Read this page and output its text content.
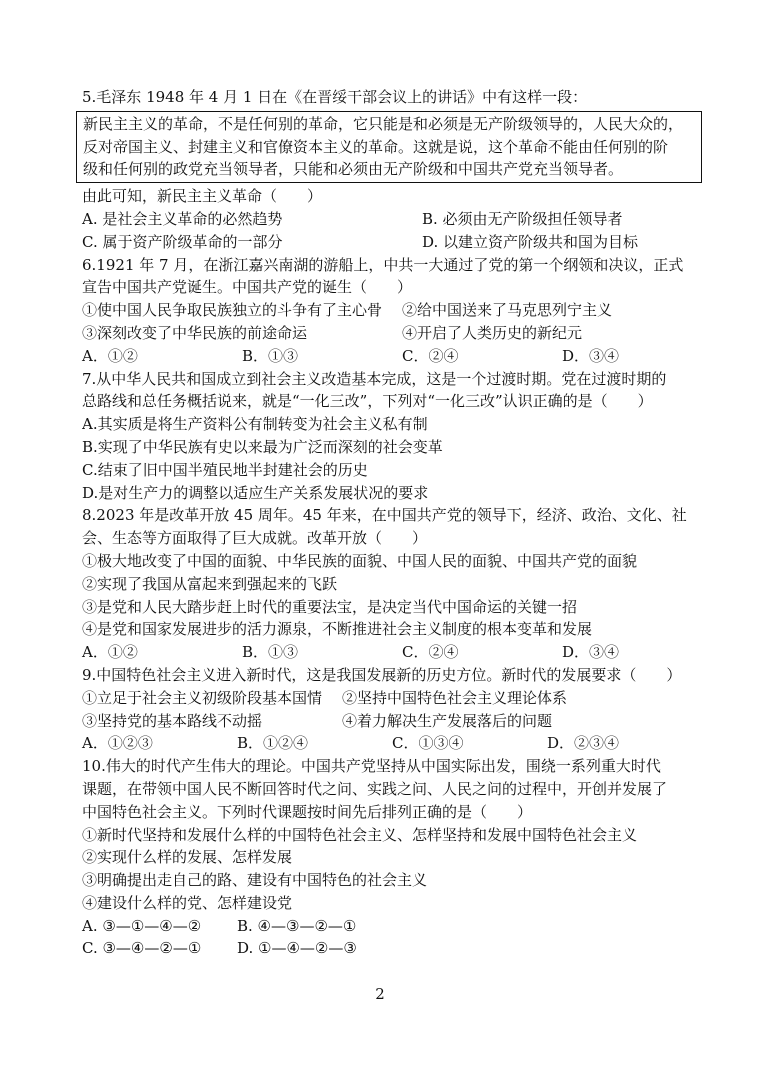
5.毛泽东 1948 年 4 月 1 日在《在晋绥干部会议上的讲话》中有这样一段：
新民主主义的革命，不是任何别的革命，它只能是和必须是无产阶级领导的，人民大众的，
反对帝国主义、封建主义和官僚资本主义的革命。这就是说，这个革命不能由任何别的阶
级和任何别的政党充当领导者，只能和必须由无产阶级和中国共产党充当领导者。
由此可知，新民主主义革命（　　）
A. 是社会主义革命的必然趋势	B. 必须由无产阶级担任领导者
C. 属于资产阶级革命的一部分	D. 以建立资产阶级共和国为目标
6.1921 年 7 月，在浙江嘉兴南湖的游船上，中共一大通过了党的第一个纲领和决议，正式
宣告中国共产党诞生。中国共产党的诞生（　　）
①使中国人民争取民族独立的斗争有了主心骨	②给中国送来了马克思列宁主义
③深刻改变了中华民族的前途命运	④开启了人类历史的新纪元
A．①②	B．①③	C．②④	D．③④
7.从中华人民共和国成立到社会主义改造基本完成，这是一个过渡时期。党在过渡时期的
总路线和总任务概括说来，就是“一化三改”，下列对“一化三改”认识正确的是（　　）
A.其实质是将生产资料公有制转变为社会主义私有制
B.实现了中华民族有史以来最为广泛而深刻的社会变革
C.结束了旧中国半殖民地半封建社会的历史
D.是对生产力的调整以适应生产关系发展状况的要求
8.2023 年是改革开放 45 周年。45 年来，在中国共产党的领导下，经济、政治、文化、社
会、生态等方面取得了巨大成就。改革开放（　　）
①极大地改变了中国的面貌、中华民族的面貌、中国人民的面貌、中国共产党的面貌
②实现了我国从富起来到强起来的飞跃
③是党和人民大踏步赶上时代的重要法宝，是决定当代中国命运的关键一招
④是党和国家发展进步的活力源泉，不断推进社会主义制度的根本变革和发展
A．①②	B．①③	C．②④	D．③④
9.中国特色社会主义进入新时代，这是我国发展新的历史方位。新时代的发展要求（　　）
①立足于社会主义初级阶段基本国情	②坚持中国特色社会主义理论体系
③坚持党的基本路线不动摇	④着力解决生产发展落后的问题
A．①②③	B．①②④	C．①③④	D．②③④
10.伟大的时代产生伟大的理论。中国共产党坚持从中国实际出发，围绕一系列重大时代
课题，在带领中国人民不断回答时代之问、实践之问、人民之问的过程中，开创并发展了
中国特色社会主义。下列时代课题按时间先后排列正确的是（　　）
①新时代坚持和发展什么样的中国特色社会主义、怎样坚持和发展中国特色社会主义
②实现什么样的发展、怎样发展
③明确提出走自己的路、建设有中国特色的社会主义
④建设什么样的党、怎样建设党
A. ③—①—④—②	B. ④—③—②—①
C. ③—④—②—①	D. ①—④—②—③
2
